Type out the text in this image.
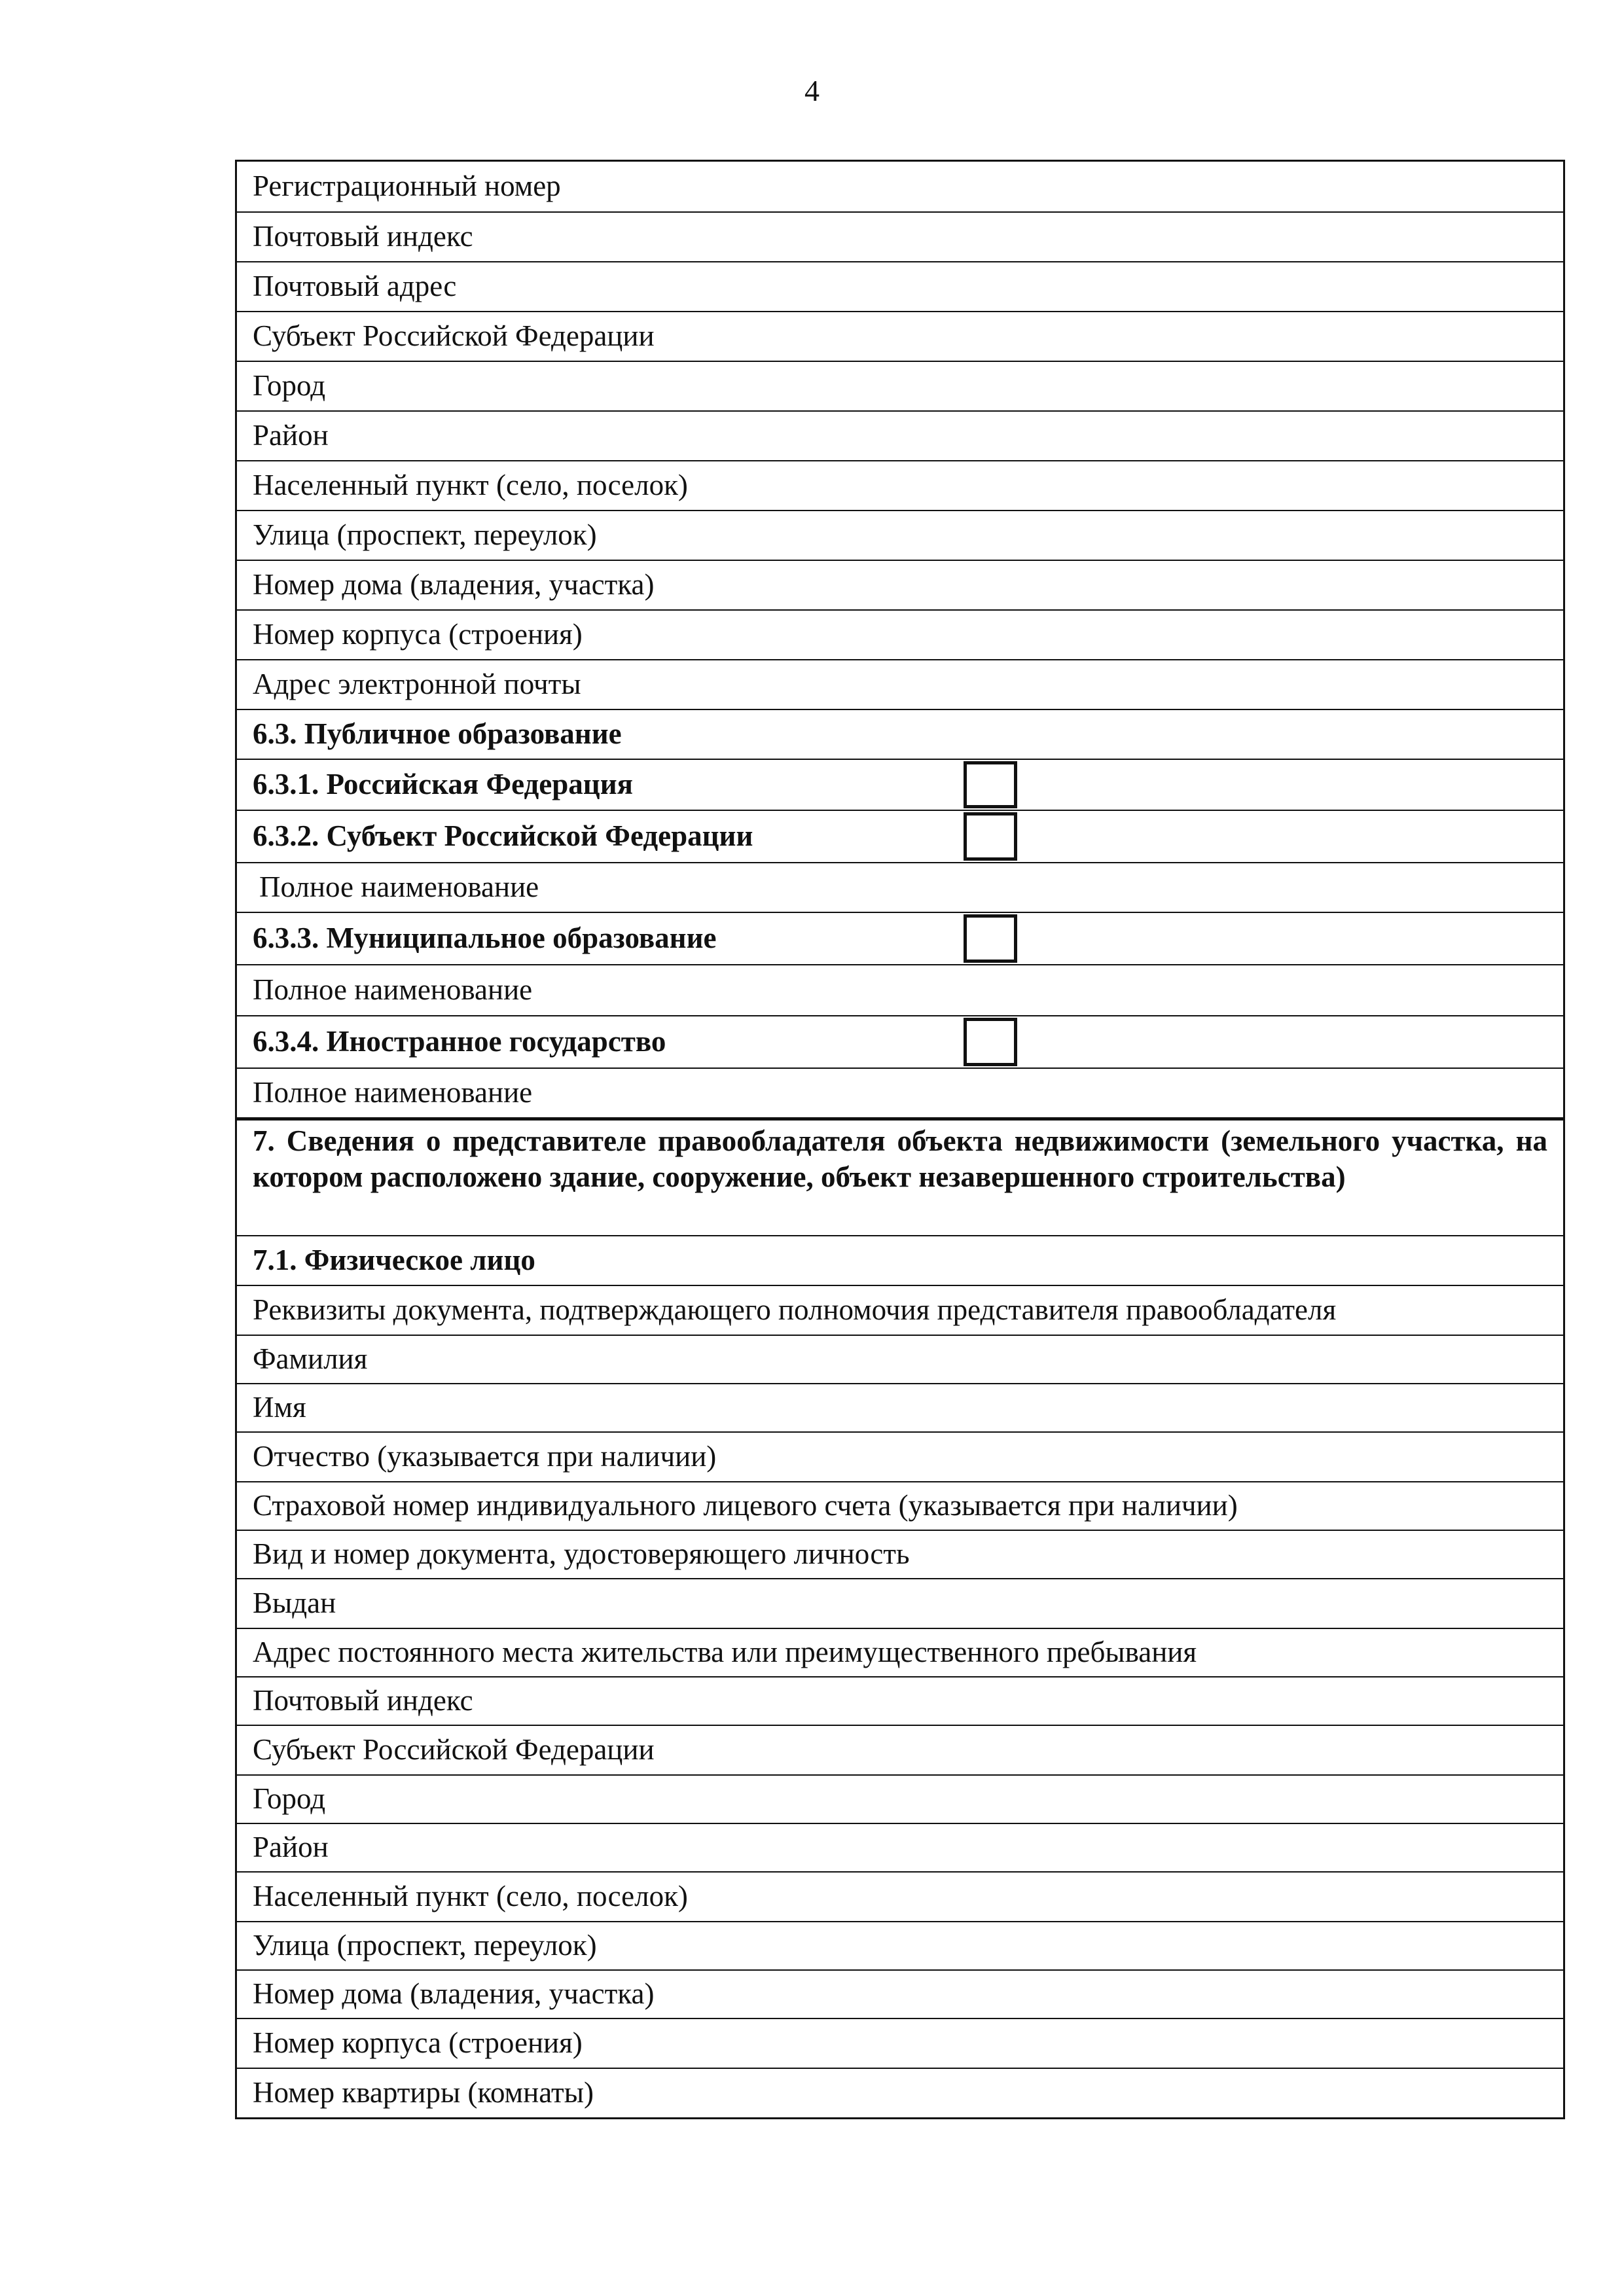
4
Регистрационный номер
Почтовый индекс
Почтовый адрес
Субъект Российской Федерации
Город
Район
Населенный пункт (село, поселок)
Улица (проспект, переулок)
Номер дома (владения, участка)
Номер корпуса (строения)
Адрес электронной почты
6.3. Публичное образование
6.3.1. Российская Федерация
6.3.2. Субъект Российской Федерации
Полное наименование
6.3.3. Муниципальное образование
Полное наименование
6.3.4. Иностранное государство
Полное наименование
7. Сведения о представителе правообладателя объекта недвижимости (земельного участка, на котором расположено здание, сооружение, объект незавершенного строительства)
7.1. Физическое лицо
Реквизиты документа, подтверждающего полномочия представителя правообладателя
Фамилия
Имя
Отчество (указывается при наличии)
Страховой номер индивидуального лицевого счета (указывается при наличии)
Вид и номер документа, удостоверяющего личность
Выдан
Адрес постоянного места жительства или преимущественного пребывания
Почтовый индекс
Субъект Российской Федерации
Город
Район
Населенный пункт (село, поселок)
Улица (проспект, переулок)
Номер дома (владения, участка)
Номер корпуса (строения)
Номер квартиры (комнаты)
